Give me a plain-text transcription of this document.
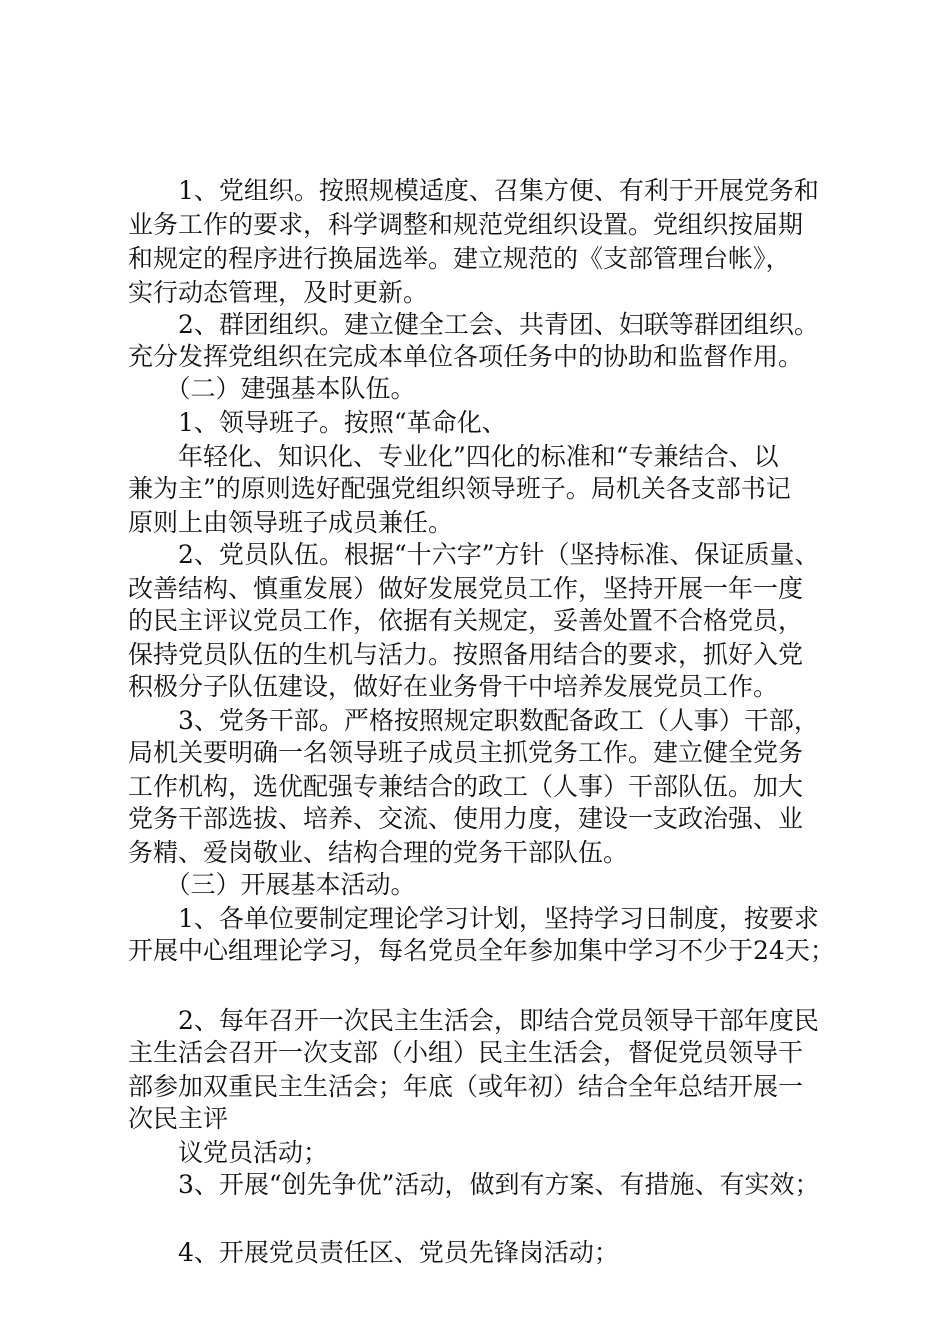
　　1、党组织。按照规模适度、召集方便、有利于开展党务和

业务工作的要求，科学调整和规范党组织设置。党组织按届期

和规定的程序进行换届选举。建立规范的《支部管理台帐》，

实行动态管理，及时更新。

　　2、群团组织。建立健全工会、共青团、妇联等群团组织。

充分发挥党组织在完成本单位各项任务中的协助和监督作用。

　　（二）建强基本队伍。

　　1、领导班子。按照“革命化、

　　年轻化、知识化、专业化”四化的标准和“专兼结合、以

兼为主”的原则选好配强党组织领导班子。局机关各支部书记

原则上由领导班子成员兼任。

　　2、党员队伍。根据“十六字”方针（坚持标准、保证质量、

改善结构、慎重发展）做好发展党员工作，坚持开展一年一度

的民主评议党员工作，依据有关规定，妥善处置不合格党员，

保持党员队伍的生机与活力。按照备用结合的要求，抓好入党

积极分子队伍建设，做好在业务骨干中培养发展党员工作。

　　3、党务干部。严格按照规定职数配备政工（人事）干部，

局机关要明确一名领导班子成员主抓党务工作。建立健全党务

工作机构，选优配强专兼结合的政工（人事）干部队伍。加大

党务干部选拔、培养、交流、使用力度，建设一支政治强、业

务精、爱岗敬业、结构合理的党务干部队伍。

　　（三）开展基本活动。

　　1、各单位要制定理论学习计划，坚持学习日制度，按要求

开展中心组理论学习，每名党员全年参加集中学习不少于24天；

　　2、每年召开一次民主生活会，即结合党员领导干部年度民

主生活会召开一次支部（小组）民主生活会，督促党员领导干

部参加双重民主生活会；年底（或年初）结合全年总结开展一

次民主评

　　议党员活动；

　　3、开展“创先争优”活动，做到有方案、有措施、有实效；

　　4、开展党员责任区、党员先锋岗活动；
